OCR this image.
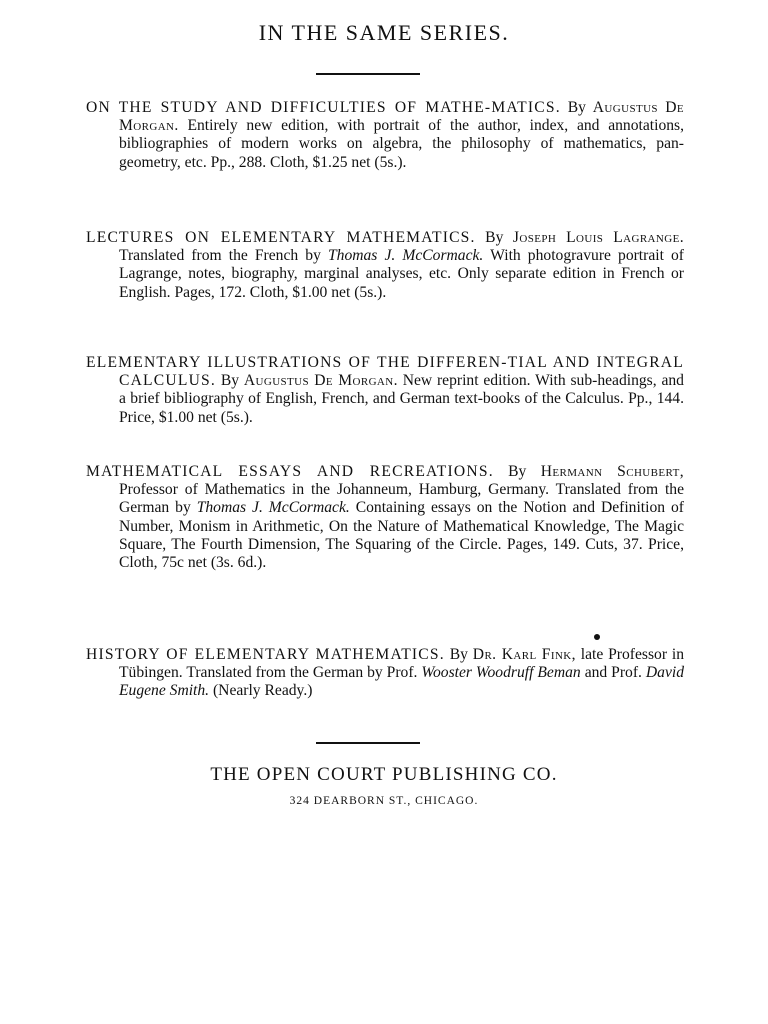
IN THE SAME SERIES.
ON THE STUDY AND DIFFICULTIES OF MATHE-MATICS. By Augustus De Morgan. Entirely new edition, with portrait of the author, index, and annotations, bibliographies of modern works on algebra, the philosophy of mathematics, pan-geometry, etc. Pp., 288. Cloth, $1.25 net (5s.).
LECTURES ON ELEMENTARY MATHEMATICS. By Joseph Louis Lagrange. Translated from the French by Thomas J. McCormack. With photogravure portrait of Lagrange, notes, biography, marginal analyses, etc. Only separate edition in French or English. Pages, 172. Cloth, $1.00 net (5s.).
ELEMENTARY ILLUSTRATIONS OF THE DIFFEREN-TIAL AND INTEGRAL CALCULUS. By Augustus De Morgan. New reprint edition. With sub-headings, and a brief bibliography of English, French, and German text-books of the Calculus. Pp., 144. Price, $1.00 net (5s.).
MATHEMATICAL ESSAYS AND RECREATIONS. By Hermann Schubert, Professor of Mathematics in the Johanneum, Hamburg, Germany. Translated from the German by Thomas J. McCormack. Containing essays on the Notion and Definition of Number, Monism in Arithmetic, On the Nature of Mathematical Knowledge, The Magic Square, The Fourth Dimension, The Squaring of the Circle. Pages, 149. Cuts, 37. Price, Cloth, 75c net (3s. 6d.).
HISTORY OF ELEMENTARY MATHEMATICS. By Dr. Karl Fink, late Professor in Tübingen. Translated from the German by Prof. Wooster Woodruff Beman and Prof. David Eugene Smith. (Nearly Ready.)
THE OPEN COURT PUBLISHING CO.
324 DEARBORN ST., CHICAGO.
